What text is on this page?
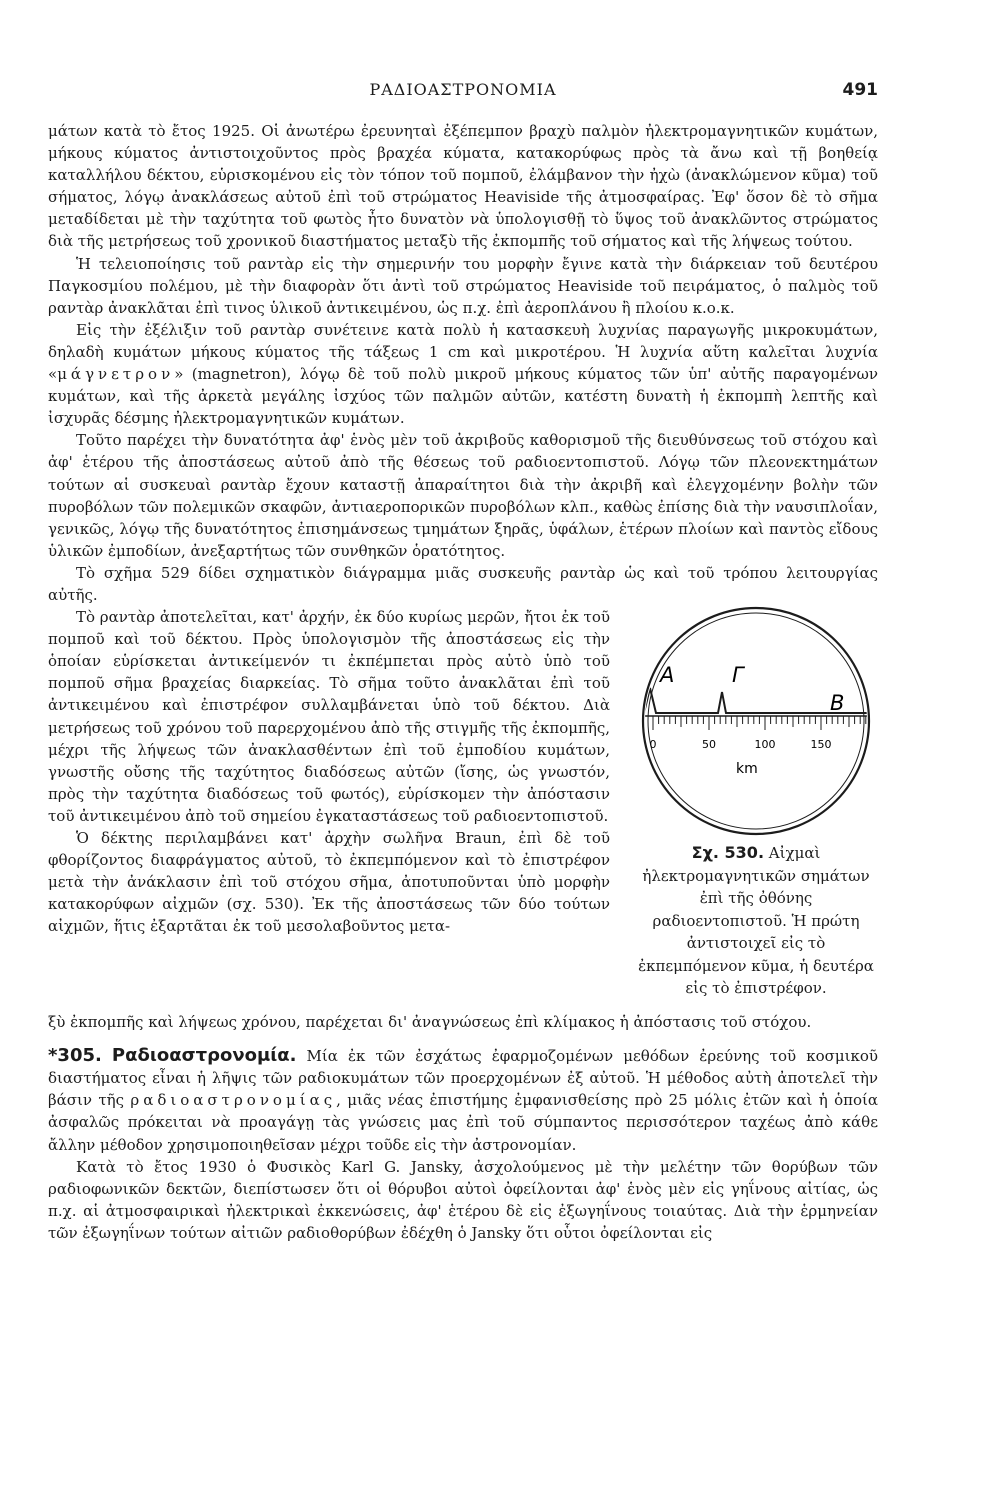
ΡΑΔΙΟΑΣΤΡΟΝΟΜΙΑ	491

μάτων κατὰ τὸ ἔτος 1925. Οἱ ἀνωτέρω ἐρευνηταὶ ἐξέπεμπον βραχὺ παλμὸν ἠλεκτρομαγνητικῶν κυμάτων, μήκους κύματος ἀντιστοιχοῦντος πρὸς βραχέα κύματα, κατακορύφως πρὸς τὰ ἄνω καὶ τῇ βοηθείᾳ καταλλήλου δέκτου, εὑρισκομένου εἰς τὸν τόπον τοῦ πομποῦ, ἐλάμβανον τὴν ἠχὼ (ἀνακλώμενον κῦμα) τοῦ σήματος, λόγῳ ἀνακλάσεως αὐτοῦ ἐπὶ τοῦ στρώματος Heaviside τῆς ἀτμοσφαίρας. Ἐφ' ὅσον δὲ τὸ σῆμα μεταδίδεται μὲ τὴν ταχύτητα τοῦ φωτὸς ἦτο δυνατὸν νὰ ὑπολογισθῇ τὸ ὕψος τοῦ ἀνακλῶντος στρώματος διὰ τῆς μετρήσεως τοῦ χρονικοῦ διαστήματος μεταξὺ τῆς ἐκπομπῆς τοῦ σήματος καὶ τῆς λήψεως τούτου.

Ἡ τελειοποίησις τοῦ ραντὰρ εἰς τὴν σημερινήν του μορφὴν ἔγινε κατὰ τὴν διάρκειαν τοῦ δευτέρου Παγκοσμίου πολέμου, μὲ τὴν διαφορὰν ὅτι ἀντὶ τοῦ στρώματος Heaviside τοῦ πειράματος, ὁ παλμὸς τοῦ ραντὰρ ἀνακλᾶται ἐπὶ τινος ὑλικοῦ ἀντικειμένου, ὡς π.χ. ἐπὶ ἀεροπλάνου ἢ πλοίου κ.ο.κ.

Εἰς τὴν ἐξέλιξιν τοῦ ραντὰρ συνέτεινε κατὰ πολὺ ἡ κατασκευὴ λυχνίας παραγωγῆς μικροκυμάτων, δηλαδὴ κυμάτων μήκους κύματος τῆς τάξεως 1 cm καὶ μικροτέρου. Ἡ λυχνία αὕτη καλεῖται λυχνία «μάγνετρον» (magnetron), λόγῳ δὲ τοῦ πολὺ μικροῦ μήκους κύματος τῶν ὑπ' αὐτῆς παραγομένων κυμάτων, καὶ τῆς ἀρκετὰ μεγάλης ἰσχύος τῶν παλμῶν αὐτῶν, κατέστη δυνατὴ ἡ ἐκπομπὴ λεπτῆς καὶ ἰσχυρᾶς δέσμης ἠλεκτρομαγνητικῶν κυμάτων.

Τοῦτο παρέχει τὴν δυνατότητα ἀφ' ἑνὸς μὲν τοῦ ἀκριβοῦς καθορισμοῦ τῆς διευθύνσεως τοῦ στόχου καὶ ἀφ' ἑτέρου τῆς ἀποστάσεως αὐτοῦ ἀπὸ τῆς θέσεως τοῦ ραδιοεντοπιστοῦ. Λόγῳ τῶν πλεονεκτημάτων τούτων αἱ συσκευαὶ ραντὰρ ἔχουν καταστῇ ἀπαραίτητοι διὰ τὴν ἀκριβῆ καὶ ἐλεγχομένην βολὴν τῶν πυροβόλων τῶν πολεμικῶν σκαφῶν, ἀντιαεροπορικῶν πυροβόλων κλπ., καθὼς ἐπίσης διὰ τὴν ναυσιπλοΐαν, γενικῶς, λόγῳ τῆς δυνατότητος ἐπισημάνσεως τμημάτων ξηρᾶς, ὑφάλων, ἑτέρων πλοίων καὶ παντὸς εἴδους ὑλικῶν ἐμποδίων, ἀνεξαρτήτως τῶν συνθηκῶν ὁρατότητος.

Τὸ σχῆμα 529 δίδει σχηματικὸν διάγραμμα μιᾶς συσκευῆς ραντὰρ ὡς καὶ τοῦ τρόπου λειτουργίας αὐτῆς.

Τὸ ραντὰρ ἀποτελεῖται, κατ' ἀρχήν, ἐκ δύο κυρίως μερῶν, ἤτοι ἐκ τοῦ πομποῦ καὶ τοῦ δέκτου. Πρὸς ὑπολογισμὸν τῆς ἀποστάσεως εἰς τὴν ὁποίαν εὑρίσκεται ἀντικείμενόν τι ἐκπέμπεται πρὸς αὐτὸ ὑπὸ τοῦ πομποῦ σῆμα βραχείας διαρκείας. Τὸ σῆμα τοῦτο ἀνακλᾶται ἐπὶ τοῦ ἀντικειμένου καὶ ἐπιστρέφον συλλαμβάνεται ὑπὸ τοῦ δέκτου. Διὰ μετρήσεως τοῦ χρόνου τοῦ παρερχομένου ἀπὸ τῆς στιγμῆς τῆς ἐκπομπῆς, μέχρι τῆς λήψεως τῶν ἀνακλασθέντων ἐπὶ τοῦ ἐμποδίου κυμάτων, γνωστῆς οὔσης τῆς ταχύτητος διαδόσεως αὐτῶν (ἴσης, ὡς γνωστόν, πρὸς τὴν ταχύτητα διαδόσεως τοῦ φωτός), εὑρίσκομεν τὴν ἀπόστασιν τοῦ ἀντικειμένου ἀπὸ τοῦ σημείου ἐγκαταστάσεως τοῦ ραδιοεντοπιστοῦ.

Ὁ δέκτης περιλαμβάνει κατ' ἀρχὴν σωλῆνα Braun, ἐπὶ δὲ τοῦ φθορίζοντος διαφράγματος αὐτοῦ, τὸ ἐκπεμπόμενον καὶ τὸ ἐπιστρέφον μετὰ τὴν ἀνάκλασιν ἐπὶ τοῦ στόχου σῆμα, ἀποτυποῦνται ὑπὸ μορφὴν κατακορύφων αἰχμῶν (σχ. 530). Ἐκ τῆς ἀποστάσεως τῶν δύο τούτων αἰχμῶν, ἥτις ἐξαρτᾶται ἐκ τοῦ μεσολαβοῦντος μετα-

Α	Γ
Β
0	50	100	150
km
Σχ. 530. Αἰχμαὶ ἠλεκτρομαγνητικῶν σημάτων ἐπὶ τῆς ὀθόνης ραδιοεντοπιστοῦ. Ἡ πρώτη ἀντιστοιχεῖ εἰς τὸ ἐκπεμπόμενον κῦμα, ἡ δευτέρα εἰς τὸ ἐπιστρέφον.

ξὺ ἐκπομπῆς καὶ λήψεως χρόνου, παρέχεται δι' ἀναγνώσεως ἐπὶ κλίμακος ἡ ἀπόστασις τοῦ στόχου.

*305. Ραδιοαστρονομία. Μία ἐκ τῶν ἐσχάτως ἐφαρμοζομένων μεθόδων ἐρεύνης τοῦ κοσμικοῦ διαστήματος εἶναι ἡ λῆψις τῶν ραδιοκυμάτων τῶν προερχομένων ἐξ αὐτοῦ. Ἡ μέθοδος αὐτὴ ἀποτελεῖ τὴν βάσιν τῆς ραδιοαστρονομίας, μιᾶς νέας ἐπιστήμης ἐμφανισθείσης πρὸ 25 μόλις ἐτῶν καὶ ἡ ὁποία ἀσφαλῶς πρόκειται νὰ προαγάγῃ τὰς γνώσεις μας ἐπὶ τοῦ σύμπαντος περισσότερον ταχέως ἀπὸ κάθε ἄλλην μέθοδον χρησιμοποιηθεῖσαν μέχρι τοῦδε εἰς τὴν ἀστρονομίαν.

Κατὰ τὸ ἔτος 1930 ὁ Φυσικὸς Karl G. Jansky, ἀσχολούμενος μὲ τὴν μελέτην τῶν θορύβων τῶν ραδιοφωνικῶν δεκτῶν, διεπίστωσεν ὅτι οἱ θόρυβοι αὐτοὶ ὀφείλονται ἀφ' ἑνὸς μὲν εἰς γηΐνους αἰτίας, ὡς π.χ. αἱ ἀτμοσφαιρικαὶ ἠλεκτρικαὶ ἐκκενώσεις, ἀφ' ἑτέρου δὲ εἰς ἐξωγηΐνους τοιαύτας. Διὰ τὴν ἑρμηνείαν τῶν ἐξωγηΐνων τούτων αἰτιῶν ραδιοθορύβων ἐδέχθη ὁ Jansky ὅτι οὗτοι ὀφείλονται εἰς
